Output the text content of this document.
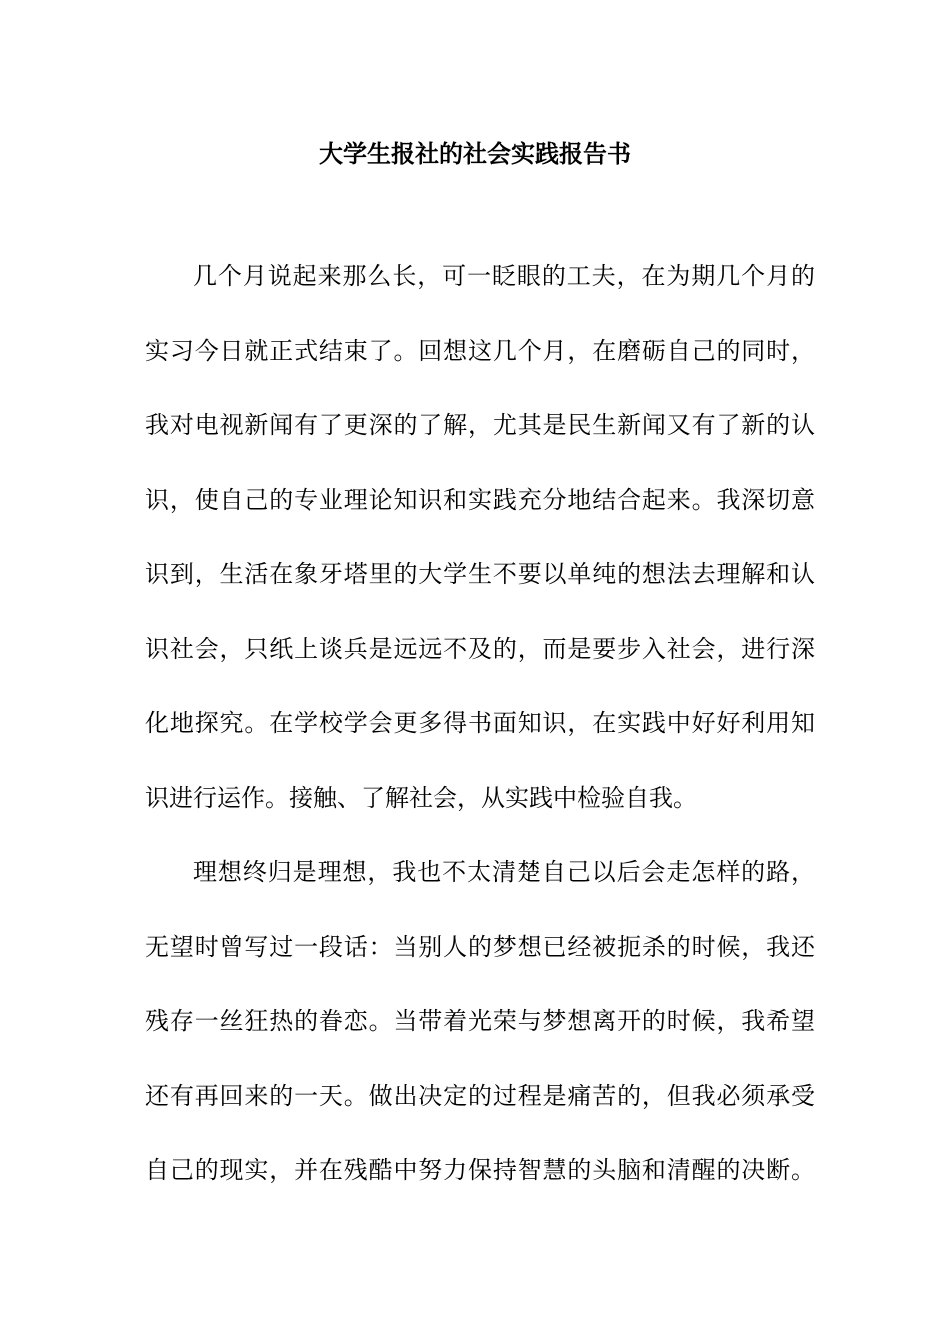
大学生报社的社会实践报告书
几个月说起来那么长，可一眨眼的工夫，在为期几个月的
实习今日就正式结束了。回想这几个月，在磨砺自己的同时，
我对电视新闻有了更深的了解，尤其是民生新闻又有了新的认
识，使自己的专业理论知识和实践充分地结合起来。我深切意
识到，生活在象牙塔里的大学生不要以单纯的想法去理解和认
识社会，只纸上谈兵是远远不及的，而是要步入社会，进行深
化地探究。在学校学会更多得书面知识，在实践中好好利用知
识进行运作。接触、了解社会，从实践中检验自我。
理想终归是理想，我也不太清楚自己以后会走怎样的路，
无望时曾写过一段话：当别人的梦想已经被扼杀的时候，我还
残存一丝狂热的眷恋。当带着光荣与梦想离开的时候，我希望
还有再回来的一天。做出决定的过程是痛苦的，但我必须承受
自己的现实，并在残酷中努力保持智慧的头脑和清醒的决断。
